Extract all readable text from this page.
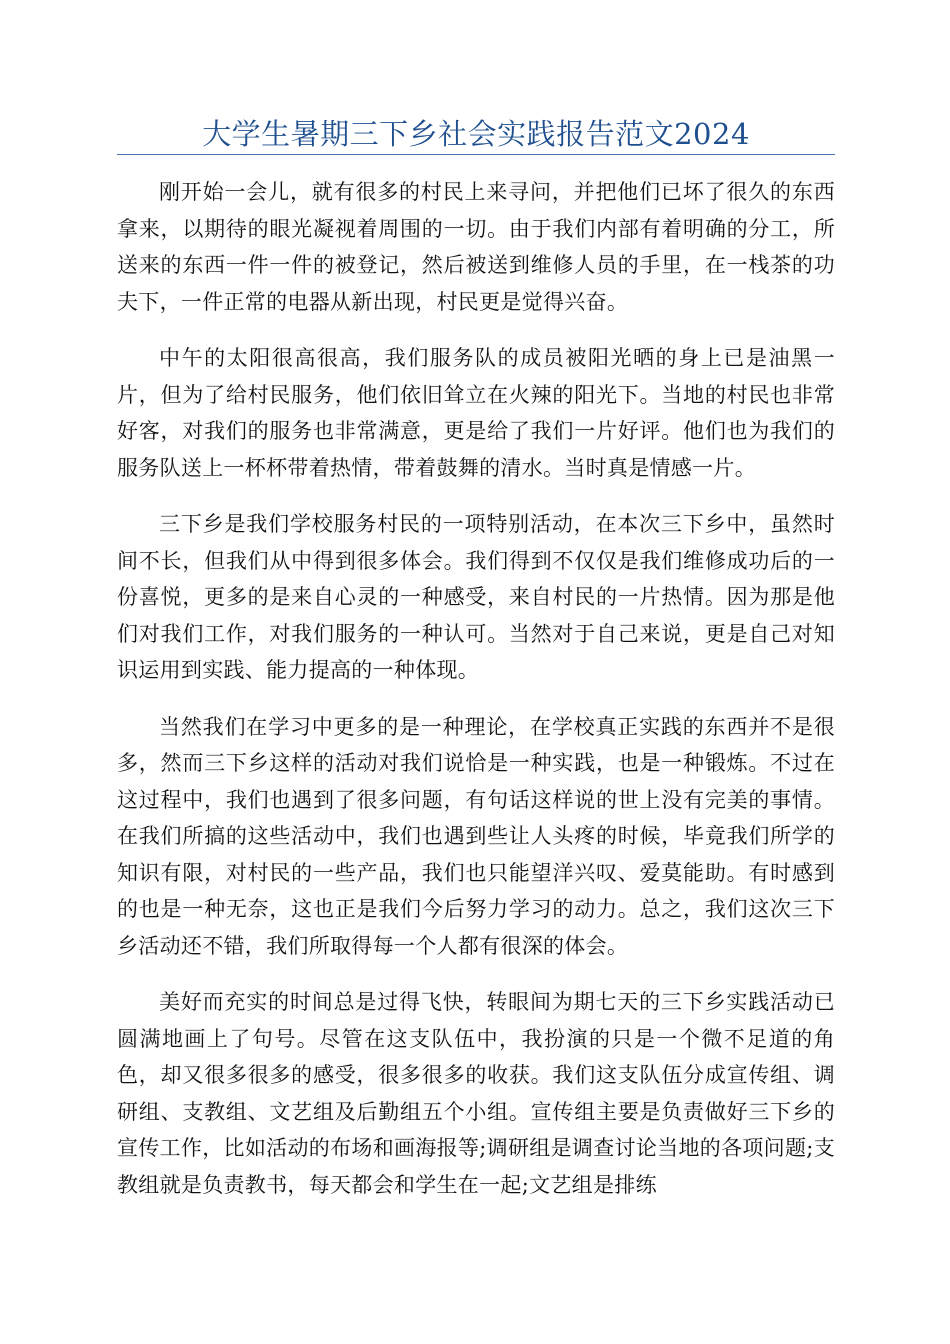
大学生暑期三下乡社会实践报告范文2024

刚开始一会儿，就有很多的村民上来寻问，并把他们已坏了很久的东西拿来，以期待的眼光凝视着周围的一切。由于我们内部有着明确的分工，所送来的东西一件一件的被登记，然后被送到维修人员的手里，在一栈茶的功夫下，一件正常的电器从新出现，村民更是觉得兴奋。

中午的太阳很高很高，我们服务队的成员被阳光晒的身上已是油黑一片，但为了给村民服务，他们依旧耸立在火辣的阳光下。当地的村民也非常好客，对我们的服务也非常满意，更是给了我们一片好评。他们也为我们的服务队送上一杯杯带着热情，带着鼓舞的清水。当时真是情感一片。

三下乡是我们学校服务村民的一项特别活动，在本次三下乡中，虽然时间不长，但我们从中得到很多体会。我们得到不仅仅是我们维修成功后的一份喜悦，更多的是来自心灵的一种感受，来自村民的一片热情。因为那是他们对我们工作，对我们服务的一种认可。当然对于自己来说，更是自己对知识运用到实践、能力提高的一种体现。

当然我们在学习中更多的是一种理论，在学校真正实践的东西并不是很多，然而三下乡这样的活动对我们说恰是一种实践，也是一种锻炼。不过在这过程中，我们也遇到了很多问题，有句话这样说的世上没有完美的事情。在我们所搞的这些活动中，我们也遇到些让人头疼的时候，毕竟我们所学的知识有限，对村民的一些产品，我们也只能望洋兴叹、爱莫能助。有时感到的也是一种无奈，这也正是我们今后努力学习的动力。总之，我们这次三下乡活动还不错，我们所取得每一个人都有很深的体会。

美好而充实的时间总是过得飞快，转眼间为期七天的三下乡实践活动已圆满地画上了句号。尽管在这支队伍中，我扮演的只是一个微不足道的角色，却又很多很多的感受，很多很多的收获。我们这支队伍分成宣传组、调研组、支教组、文艺组及后勤组五个小组。宣传组主要是负责做好三下乡的宣传工作，比如活动的布场和画海报等;调研组是调查讨论当地的各项问题;支教组就是负责教书，每天都会和学生在一起;文艺组是排练
